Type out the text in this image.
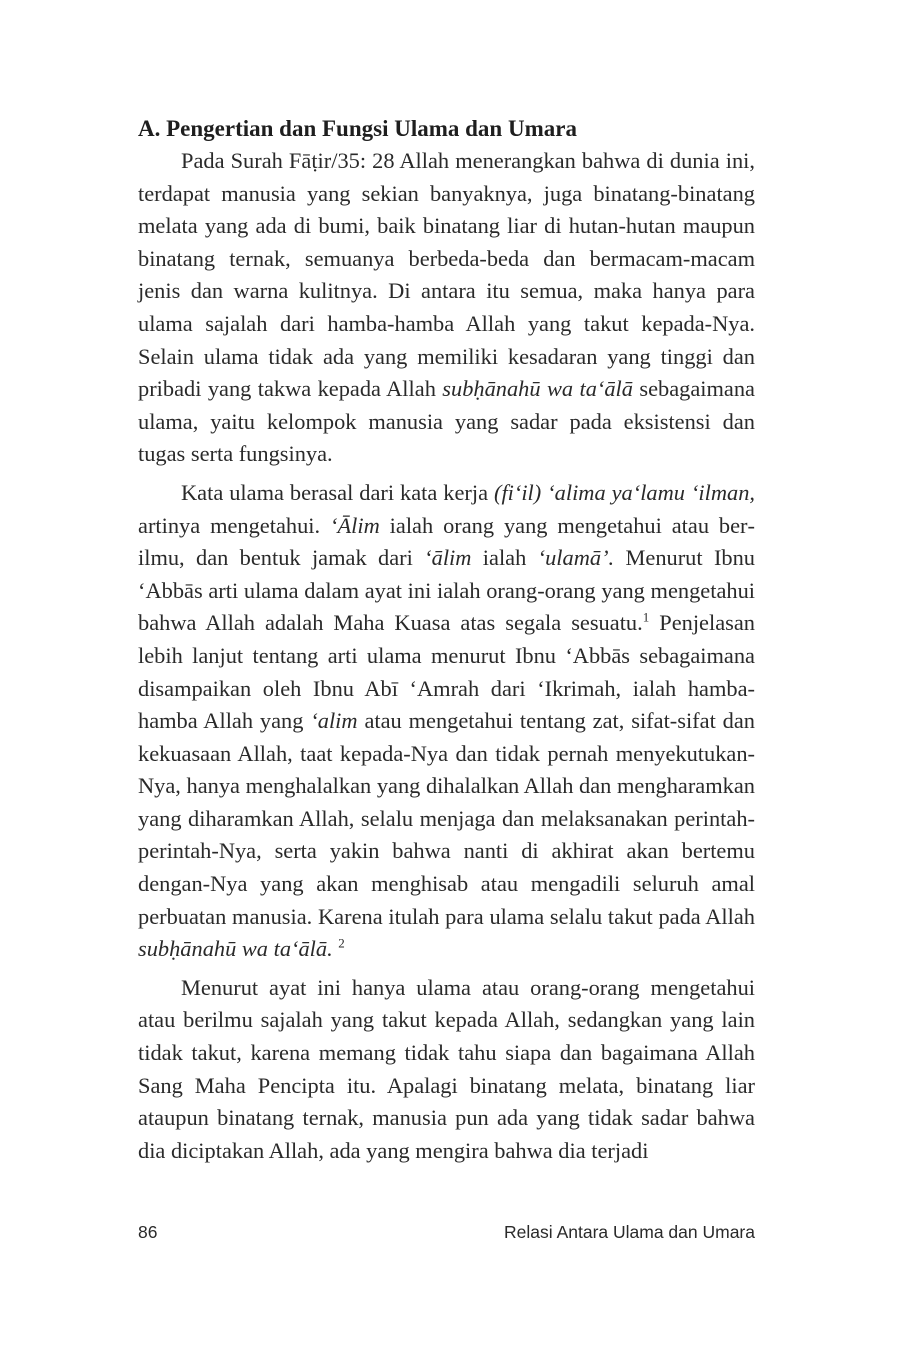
A. Pengertian dan Fungsi Ulama dan Umara

Pada Surah Fāṭir/35: 28 Allah menerangkan bahwa di dunia ini, terdapat manusia yang sekian banyaknya, juga binatang-binatang melata yang ada di bumi, baik binatang liar di hutan-hutan maupun binatang ternak, semuanya berbeda-beda dan bermacam-macam jenis dan warna kulitnya. Di antara itu semua, maka hanya para ulama sajalah dari hamba-hamba Allah yang takut kepada-Nya. Selain ulama tidak ada yang memiliki kesadaran yang tinggi dan pribadi yang takwa kepada Allah subḥānahū wa ta‘ālā sebagaimana ulama, yaitu kelompok manusia yang sadar pada eksistensi dan tugas serta fungsinya.

Kata ulama berasal dari kata kerja (fi‘il) ‘alima ya‘lamu ‘ilman, artinya mengetahui. ‘Ālim ialah orang yang mengetahui atau berilmu, dan bentuk jamak dari ‘ālim ialah ‘ulamā’. Menurut Ibnu ‘Abbās arti ulama dalam ayat ini ialah orang-orang yang mengetahui bahwa Allah adalah Maha Kuasa atas segala sesuatu.$^1$ Penjelasan lebih lanjut tentang arti ulama menurut Ibnu ‘Abbās sebagaimana disampaikan oleh Ibnu Abī ‘Amrah dari ‘Ikrimah, ialah hamba-hamba Allah yang ‘alim atau mengetahui tentang zat, sifat-sifat dan kekuasaan Allah, taat kepada-Nya dan tidak pernah menyekutukan-Nya, hanya menghalalkan yang dihalalkan Allah dan mengharamkan yang diharamkan Allah, selalu menjaga dan melaksanakan perintah-perintah-Nya, serta yakin bahwa nanti di akhirat akan bertemu dengan-Nya yang akan menghisab atau mengadili seluruh amal perbuatan manusia. Karena itulah para ulama selalu takut pada Allah subḥānahū wa ta‘ālā. $^2$

Menurut ayat ini hanya ulama atau orang-orang mengetahui atau berilmu sajalah yang takut kepada Allah, sedangkan yang lain tidak takut, karena memang tidak tahu siapa dan bagaimana Allah Sang Maha Pencipta itu. Apalagi binatang melata, binatang liar ataupun binatang ternak, manusia pun ada yang tidak sadar bahwa dia diciptakan Allah, ada yang mengira bahwa dia terjadi

86	Relasi Antara Ulama dan Umara
